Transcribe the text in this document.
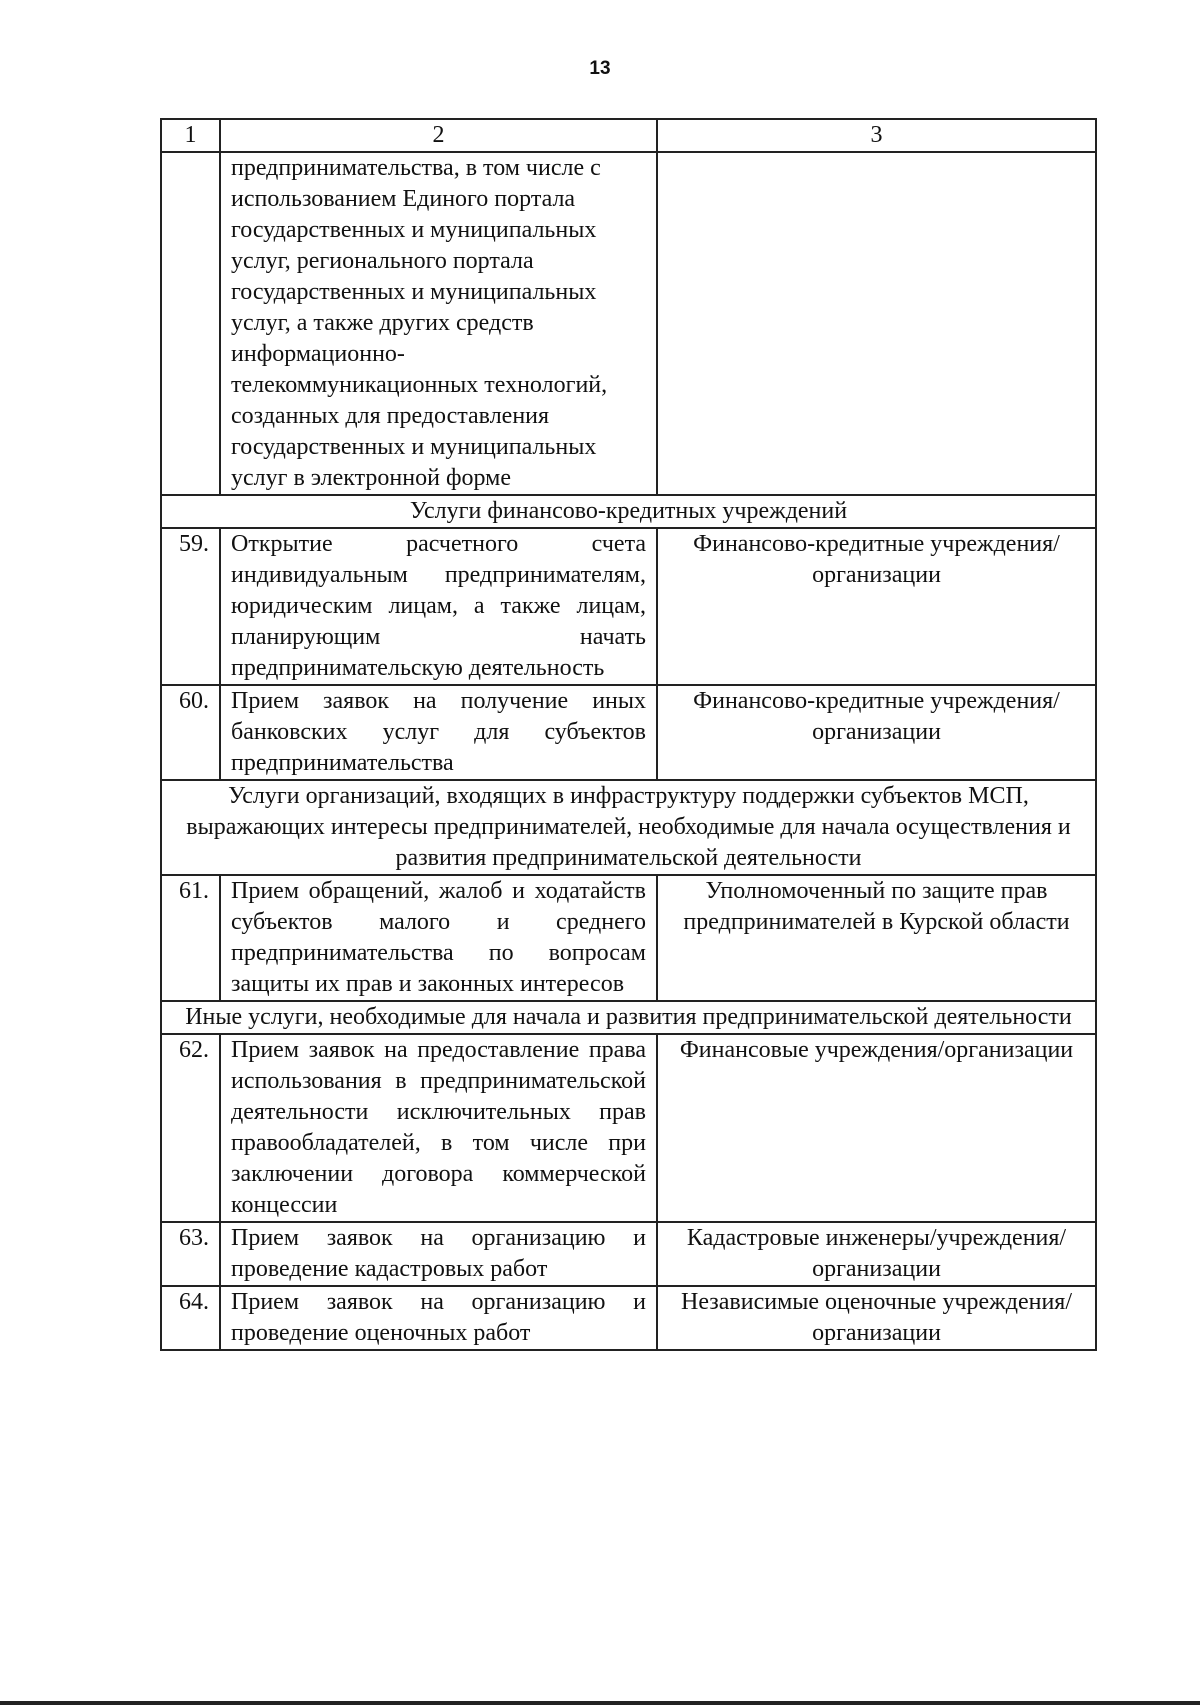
13
1	2	3
	предпринимательства, в том числе с использованием Единого портала государственных и муниципальных услуг, регионального портала государственных и муниципальных услуг, а также других средств информационно-телекоммуникационных технологий, созданных для предоставления государственных и муниципальных услуг в электронной форме	
Услуги финансово-кредитных учреждений		
59.	Открытие расчетного счета индивидуальным предпринимателям, юридическим лицам, а также лицам, планирующим начать предпринимательскую деятельность	Финансово-кредитные учреждения/организации
60.	Прием заявок на получение иных банковских услуг для субъектов предпринимательства	Финансово-кредитные учреждения/организации
Услуги организаций, входящих в инфраструктуру поддержки субъектов МСП, выражающих интересы предпринимателей, необходимые для начала осуществления и развития предпринимательской деятельности		
61.	Прием обращений, жалоб и ходатайств субъектов малого и среднего предпринимательства по вопросам защиты их прав и законных интересов	Уполномоченный по защите прав предпринимателей в Курской области
Иные услуги, необходимые для начала и развития предпринимательской деятельности		
62.	Прием заявок на предоставление права использования в предпринимательской деятельности исключительных прав правообладателей, в том числе при заключении договора коммерческой концессии	Финансовые учреждения/организации
63.	Прием заявок на организацию и проведение кадастровых работ	Кадастровые инженеры/учреждения/организации
64.	Прием заявок на организацию и проведение оценочных работ	Независимые оценочные учреждения/организации
